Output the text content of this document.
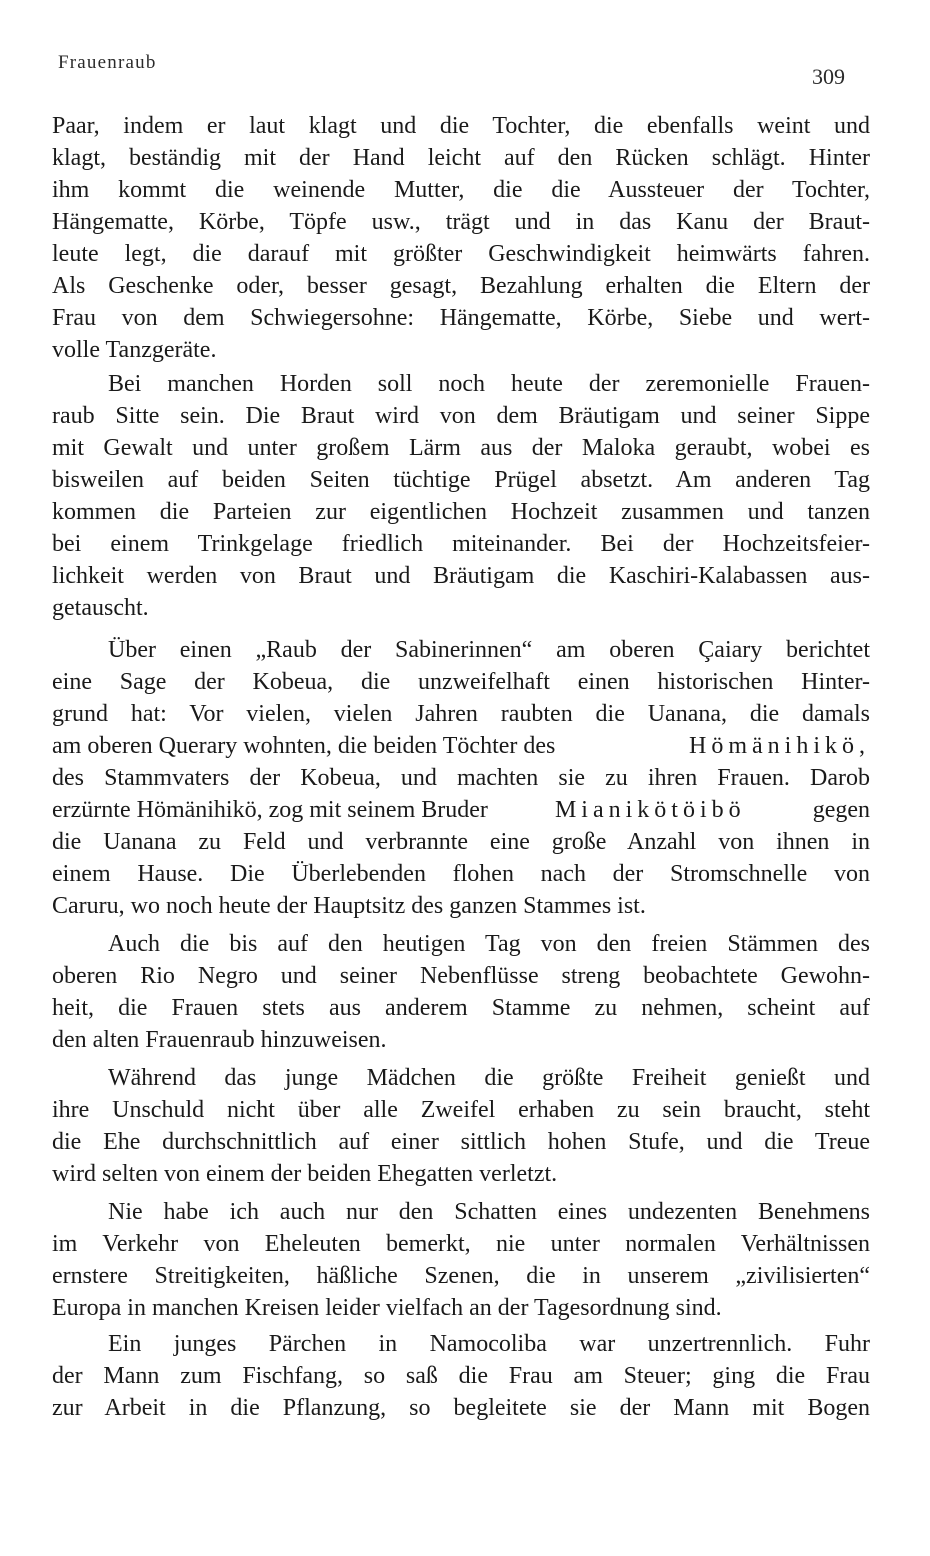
Frauenraub
309
Paar, indem er laut klagt und die Tochter, die ebenfalls weint und
klagt, beständig mit der Hand leicht auf den Rücken schlägt. Hinter
ihm kommt die weinende Mutter, die die Aussteuer der Tochter,
Hängematte, Körbe, Töpfe usw., trägt und in das Kanu der Braut-
leute legt, die darauf mit größter Geschwindigkeit heimwärts fahren.
Als Geschenke oder, besser gesagt, Bezahlung erhalten die Eltern der
Frau von dem Schwiegersohne: Hängematte, Körbe, Siebe und wert-
volle Tanzgeräte.
Bei manchen Horden soll noch heute der zeremonielle Frauen-
raub Sitte sein. Die Braut wird von dem Bräutigam und seiner Sippe
mit Gewalt und unter großem Lärm aus der Maloka geraubt, wobei es
bisweilen auf beiden Seiten tüchtige Prügel absetzt. Am anderen Tag
kommen die Parteien zur eigentlichen Hochzeit zusammen und tanzen
bei einem Trinkgelage friedlich miteinander. Bei der Hochzeitsfeier-
lichkeit werden von Braut und Bräutigam die Kaschiri-Kalabassen aus-
getauscht.
Über einen „Raub der Sabinerinnen“ am oberen Çaiary berichtet
eine Sage der Kobeua, die unzweifelhaft einen historischen Hinter-
grund hat: Vor vielen, vielen Jahren raubten die Uanana, die damals
am oberen Querary wohnten, die beiden Töchter des	Hömänihikö,
des Stammvaters der Kobeua, und machten sie zu ihren Frauen. Darob
erzürnte Hömänihikö, zog mit seinem Bruder	Mianikötöibö	gegen
die Uanana zu Feld und verbrannte eine große Anzahl von ihnen in
einem Hause. Die Überlebenden flohen nach der Stromschnelle von
Caruru, wo noch heute der Hauptsitz des ganzen Stammes ist.
Auch die bis auf den heutigen Tag von den freien Stämmen des
oberen Rio Negro und seiner Nebenflüsse streng beobachtete Gewohn-
heit, die Frauen stets aus anderem Stamme zu nehmen, scheint auf
den alten Frauenraub hinzuweisen.
Während das junge Mädchen die größte Freiheit genießt und
ihre Unschuld nicht über alle Zweifel erhaben zu sein braucht, steht
die Ehe durchschnittlich auf einer sittlich hohen Stufe, und die Treue
wird selten von einem der beiden Ehegatten verletzt.
Nie habe ich auch nur den Schatten eines undezenten Benehmens
im Verkehr von Eheleuten bemerkt, nie unter normalen Verhältnissen
ernstere Streitigkeiten, häßliche Szenen, die in unserem „zivilisierten“
Europa in manchen Kreisen leider vielfach an der Tagesordnung sind.
Ein junges Pärchen in Namocoliba war unzertrennlich. Fuhr
der Mann zum Fischfang, so saß die Frau am Steuer; ging die Frau
zur Arbeit in die Pflanzung, so begleitete sie der Mann mit Bogen
